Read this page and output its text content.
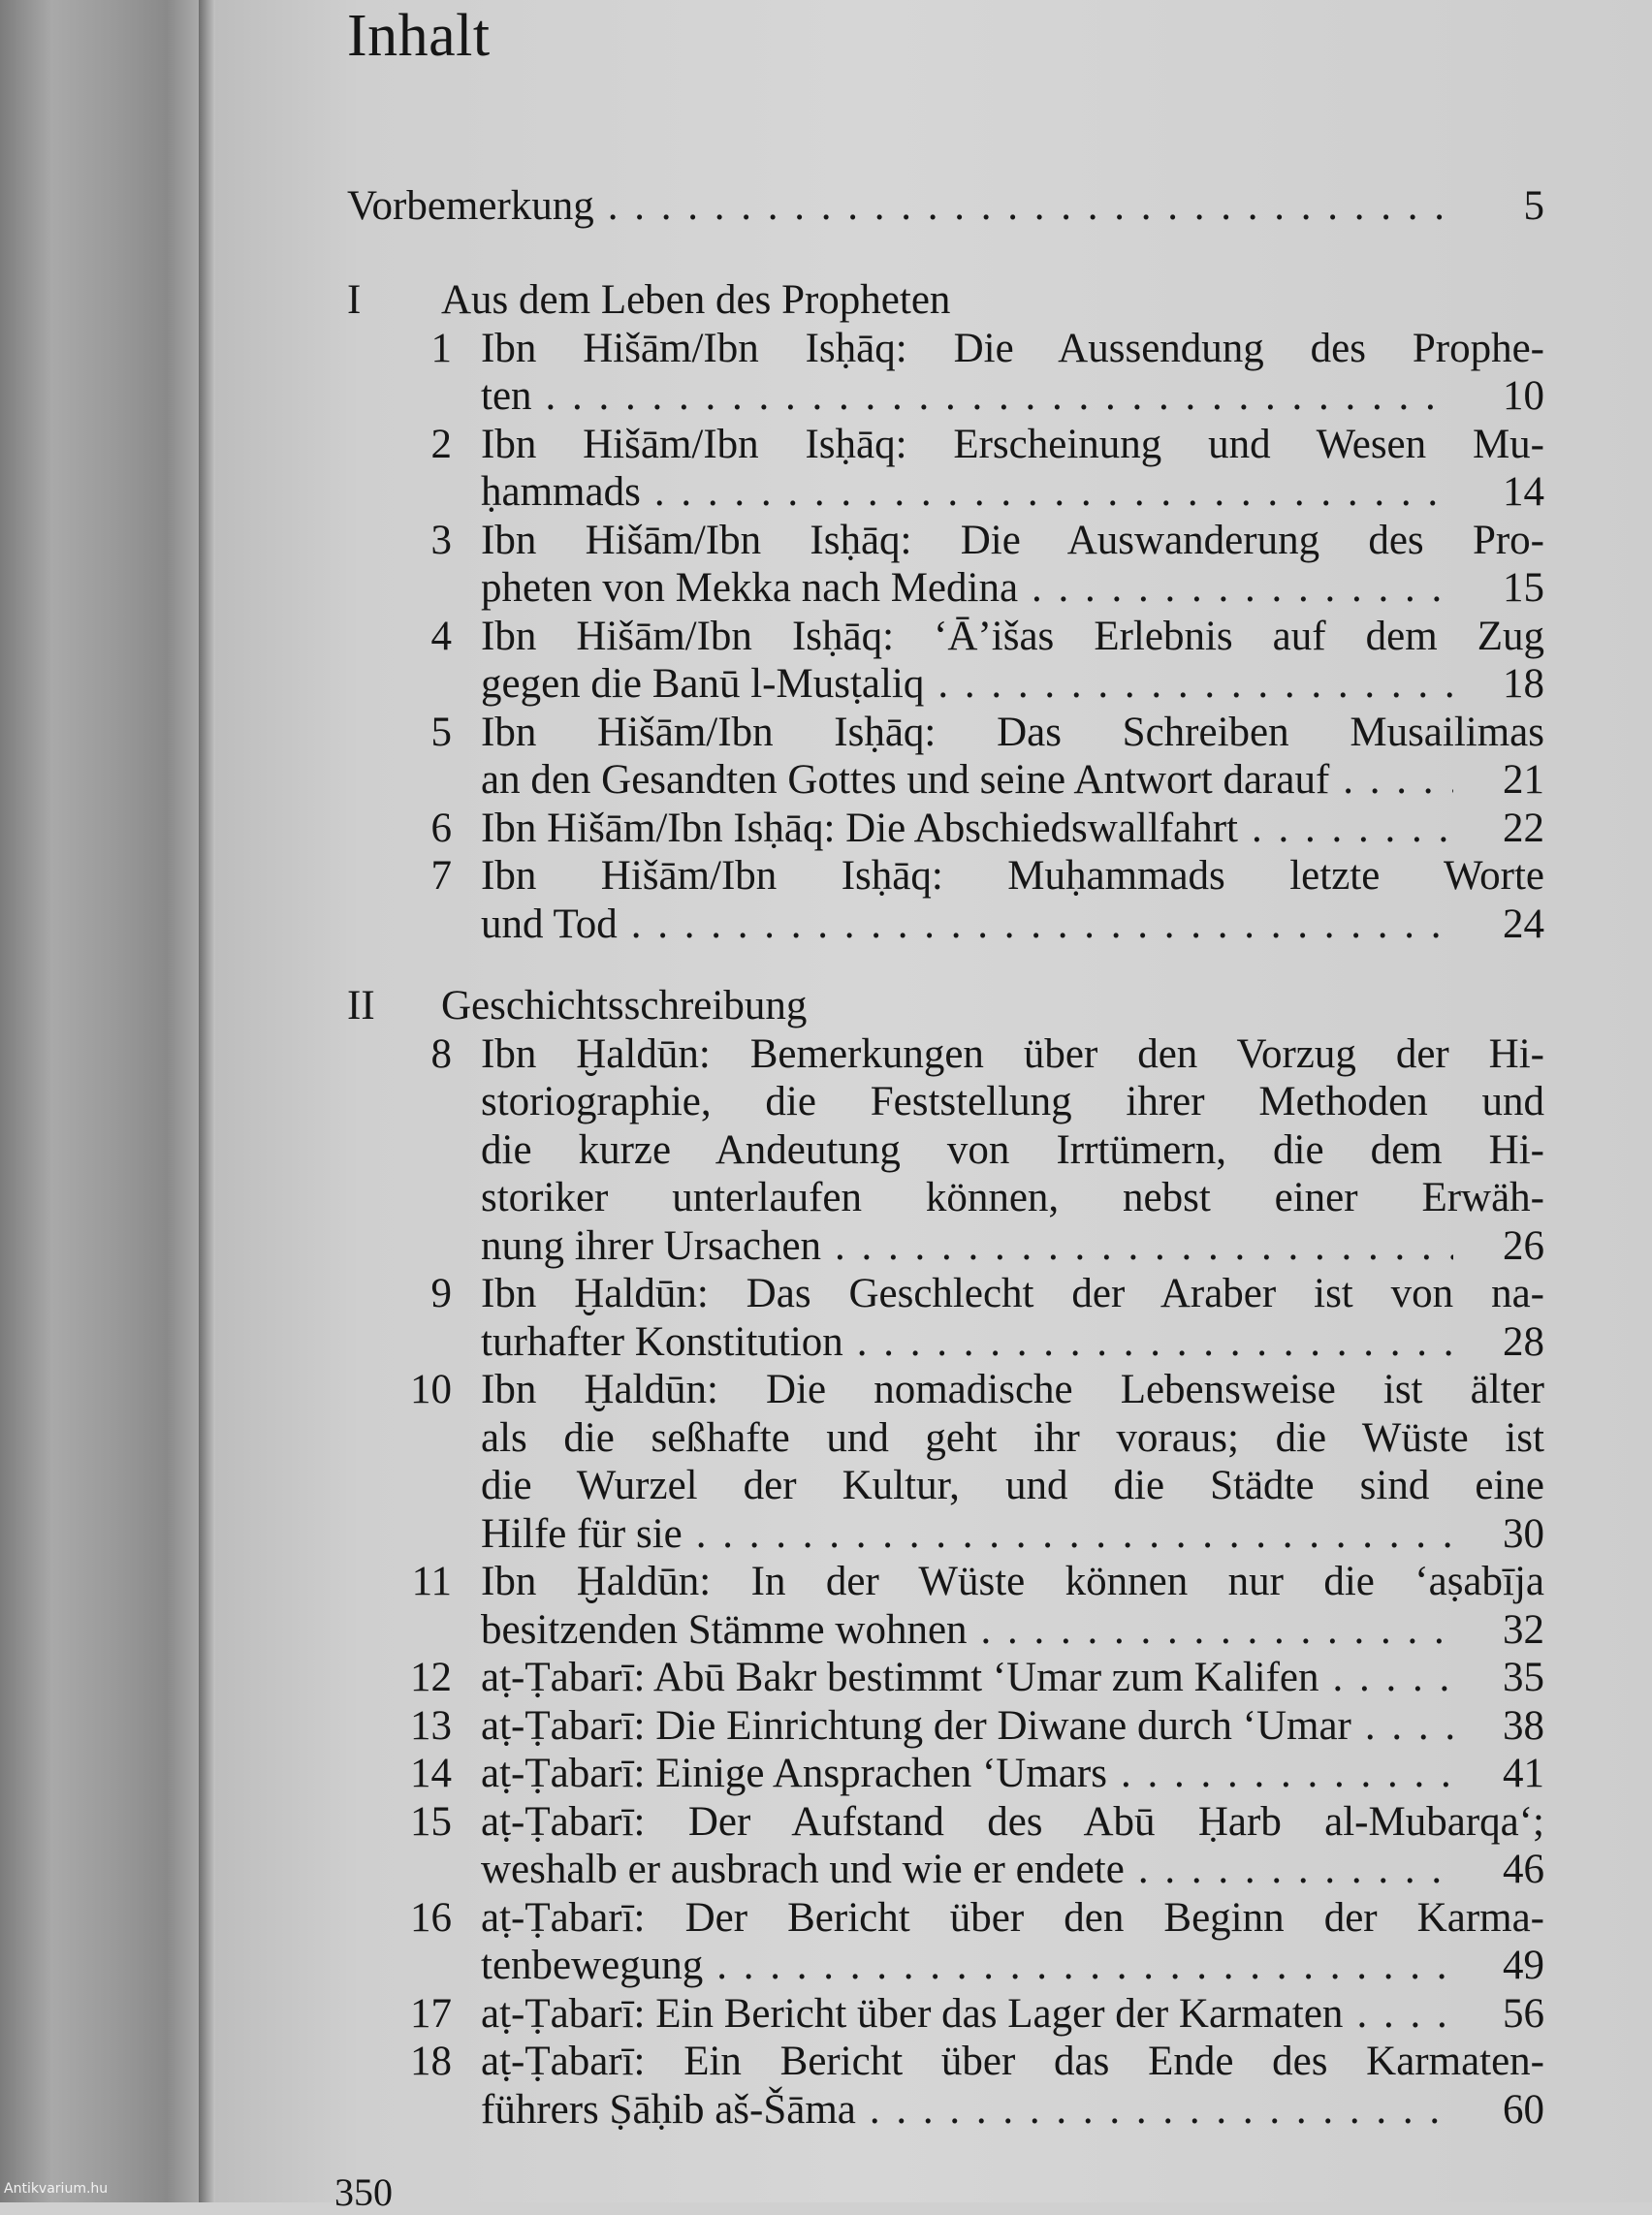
Inhalt
Vorbemerkung . . .	5
I	Aus dem Leben des Propheten
1 Ibn Hišām/Ibn Isḥāq: Die Aussendung des Prophe-
ten . . .	10
2 Ibn Hišām/Ibn Isḥāq: Erscheinung und Wesen Mu-
ḥammads . . .	14
3 Ibn Hišām/Ibn Isḥāq: Die Auswanderung des Pro-
pheten von Mekka nach Medina . . .	15
4 Ibn Hišām/Ibn Isḥāq: ‘Ā’išas Erlebnis auf dem Zug
gegen die Banū l-Musṭaliq . . .	18
5 Ibn Hišām/Ibn Isḥāq: Das Schreiben Musailimas
an den Gesandten Gottes und seine Antwort darauf . . .	21
6 Ibn Hišām/Ibn Isḥāq: Die Abschiedswallfahrt . . .	22
7 Ibn Hišām/Ibn Isḥāq: Muḥammads letzte Worte
und Tod . . .	24
II	Geschichtsschreibung
8 Ibn Ḫaldūn: Bemerkungen über den Vorzug der Hi-
storiographie, die Feststellung ihrer Methoden und
die kurze Andeutung von Irrtümern, die dem Hi-
storiker unterlaufen können, nebst einer Erwäh-
nung ihrer Ursachen . . .	26
9 Ibn Ḫaldūn: Das Geschlecht der Araber ist von na-
turhafter Konstitution . . .	28
10 Ibn Ḫaldūn: Die nomadische Lebensweise ist älter
als die seßhafte und geht ihr voraus; die Wüste ist
die Wurzel der Kultur, und die Städte sind eine
Hilfe für sie . . .	30
11 Ibn Ḫaldūn: In der Wüste können nur die ‘aṣabīja
besitzenden Stämme wohnen . . .	32
12 aṭ-Ṭabarī: Abū Bakr bestimmt ‘Umar zum Kalifen . . .	35
13 aṭ-Ṭabarī: Die Einrichtung der Diwane durch ‘Umar . . .	38
14 aṭ-Ṭabarī: Einige Ansprachen ‘Umars . . .	41
15 aṭ-Ṭabarī: Der Aufstand des Abū Ḥarb al-Mubarqa‘;
weshalb er ausbrach und wie er endete . . .	46
16 aṭ-Ṭabarī: Der Bericht über den Beginn der Karma-
tenbewegung . . .	49
17 aṭ-Ṭabarī: Ein Bericht über das Lager der Karmaten . . .	56
18 aṭ-Ṭabarī: Ein Bericht über das Ende des Karmaten-
führers Ṣāḥib aš-Šāma . . .	60
350
Antikvarium.hu
